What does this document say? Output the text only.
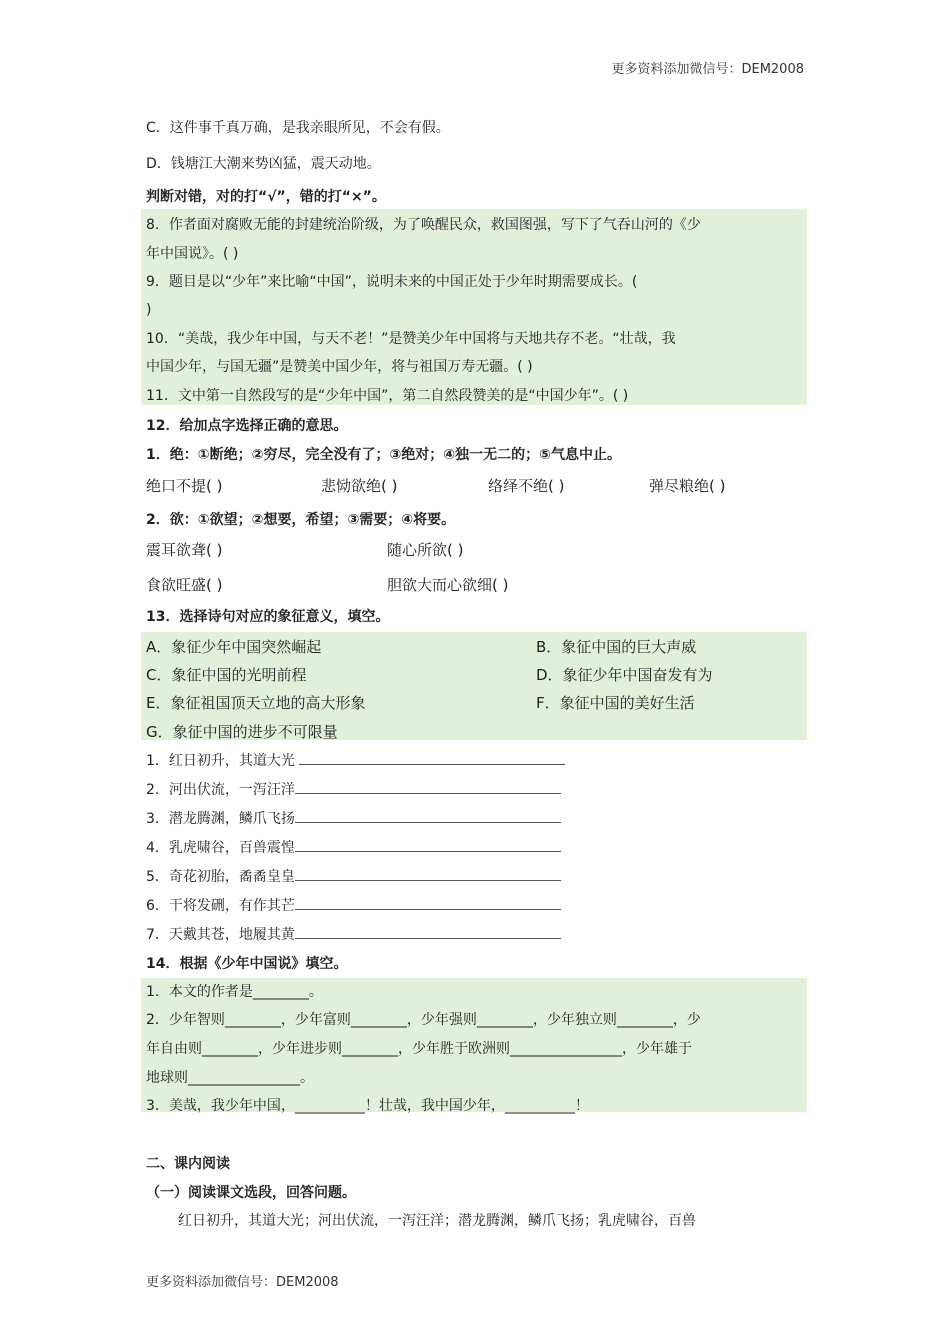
更多资料添加微信号：DEM2008
C．这件事千真万确，是我亲眼所见，不会有假。
D．钱塘江大潮来势凶猛，震天动地。
判断对错，对的打“√”，错的打“×”。
8．作者面对腐败无能的封建统治阶级，为了唤醒民众，救国图强，写下了气吞山河的《少
年中国说》。( )
9．题目是以“少年”来比喻“中国”，说明未来的中国正处于少年时期需要成长。(
)
10．“美哉，我少年中国，与天不老！”是赞美少年中国将与天地共存不老。“壮哉，我
中国少年，与国无疆”是赞美中国少年，将与祖国万寿无疆。( )
11．文中第一自然段写的是“少年中国”，第二自然段赞美的是“中国少年”。( )
12．给加点字选择正确的意思。
1．绝：①断绝；②穷尽，完全没有了；③绝对；④独一无二的；⑤气息中止。
绝口不提( )	悲恸欲绝( )	络绎不绝( )	弹尽粮绝( )
2．欲：①欲望；②想要，希望；③需要；④将要。
震耳欲聋( )	随心所欲( )
食欲旺盛( )	胆欲大而心欲细( )
13．选择诗句对应的象征意义，填空。
A．象征少年中国突然崛起	B．象征中国的巨大声威
C．象征中国的光明前程	D．象征少年中国奋发有为
E．象征祖国顶天立地的高大形象	F．象征中国的美好生活
G．象征中国的进步不可限量
1．红日初升，其道大光
2．河出伏流，一泻汪洋
3．潜龙腾渊，鳞爪飞扬
4．乳虎啸谷，百兽震惶
5．奇花初胎，矞矞皇皇
6．干将发硎，有作其芒
7．天戴其苍，地履其黄
14．根据《少年中国说》填空。
1．本文的作者是________。
2．少年智则________，少年富则________，少年强则________，少年独立则________，少
年自由则________，少年进步则________，少年胜于欧洲则________________，少年雄于
地球则________________。
3．美哉，我少年中国，__________！壮哉，我中国少年，__________！
二、课内阅读
（一）阅读课文选段，回答问题。
红日初升，其道大光；河出伏流，一泻汪洋；潜龙腾渊，鳞爪飞扬；乳虎啸谷，百兽
更多资料添加微信号：DEM2008
